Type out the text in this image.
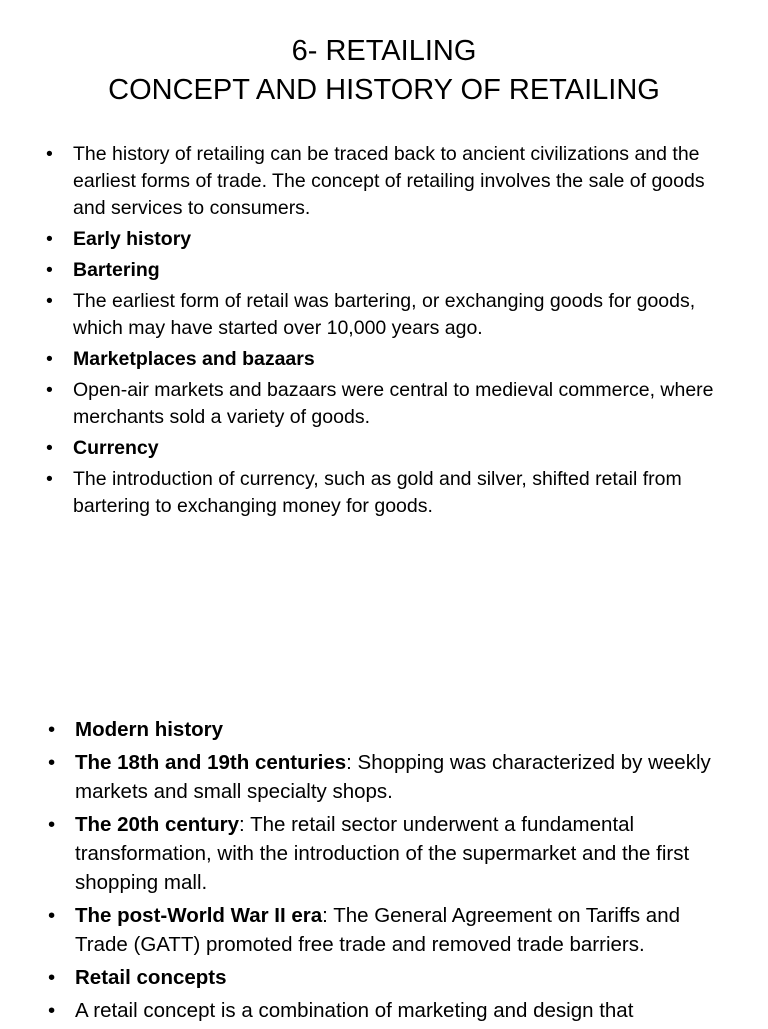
6- RETAILING
CONCEPT AND HISTORY OF RETAILING
• The history of retailing can be traced back to ancient civilizations and the earliest forms of trade. The concept of retailing involves the sale of goods and services to consumers.
• Early history
• Bartering
• The earliest form of retail was bartering, or exchanging goods for goods, which may have started over 10,000 years ago.
• Marketplaces and bazaars
• Open-air markets and bazaars were central to medieval commerce, where merchants sold a variety of goods.
• Currency
• The introduction of currency, such as gold and silver, shifted retail from bartering to exchanging money for goods.
• Modern history
• The 18th and 19th centuries: Shopping was characterized by weekly markets and small specialty shops.
• The 20th century: The retail sector underwent a fundamental transformation, with the introduction of the supermarket and the first shopping mall.
• The post-World War II era: The General Agreement on Tariffs and Trade (GATT) promoted free trade and removed trade barriers.
• Retail concepts
• A retail concept is a combination of marketing and design that
